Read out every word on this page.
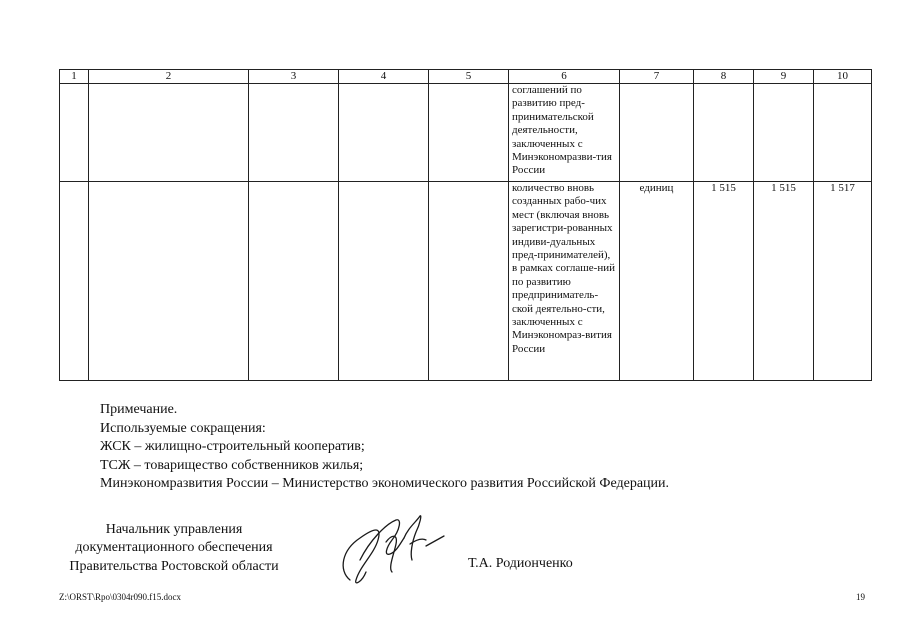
1	2	3	4	5	6	7	8	9	10
					соглашений по развитию пред-принимательской деятельности, заключенных с Минэкономразви-тия России				
					количество вновь созданных рабо-чих мест (включая вновь зарегистри-рованных индиви-дуальных пред-принимателей), в рамках соглаше-ний по развитию предприниматель-ской деятельно-сти, заключенных с Минэкономраз-вития России	единиц	1 515	1 515	1 517
Примечание.
Используемые сокращения:
ЖСК – жилищно-строительный кооператив;
ТСЖ – товарищество собственников жилья;
Минэкономразвития России – Министерство экономического развития Российской Федерации.
Начальник управления
документационного обеспечения
Правительства Ростовской области	Т.А. Родионченко
Z:\ORST\Rpo\0304r090.f15.docx	19
